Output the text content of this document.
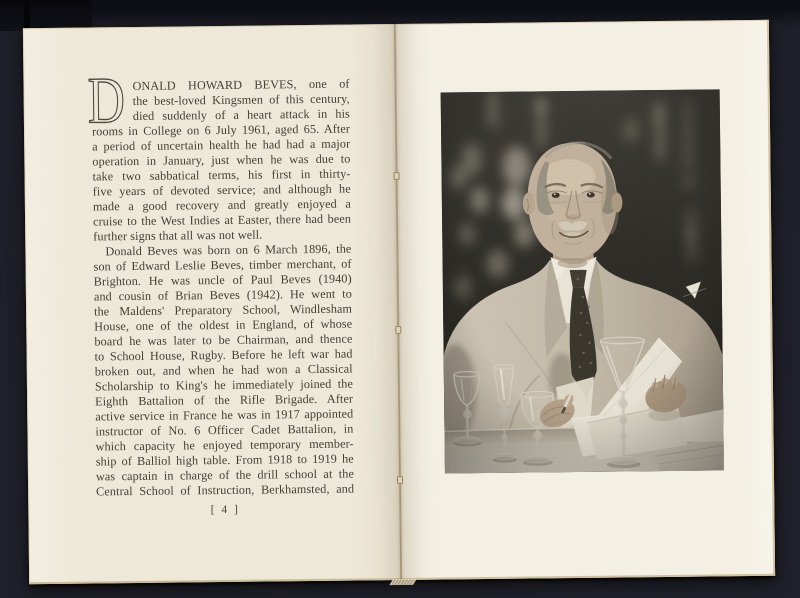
D ONALD HOWARD BEVES, one of
the best-loved Kingsmen of this century,
died suddenly of a heart attack in his
rooms in College on 6 July 1961, aged 65. After
a period of uncertain health he had had a major
operation in January, just when he was due to
take two sabbatical terms, his first in thirty-
five years of devoted service; and although he
made a good recovery and greatly enjoyed a
cruise to the West Indies at Easter, there had been
further signs that all was not well.
Donald Beves was born on 6 March 1896, the
son of Edward Leslie Beves, timber merchant, of
Brighton. He was uncle of Paul Beves (1940)
and cousin of Brian Beves (1942). He went to
the Maldens' Preparatory School, Windlesham
House, one of the oldest in England, of whose
board he was later to be Chairman, and thence
to School House, Rugby. Before he left war had
broken out, and when he had won a Classical
Scholarship to King's he immediately joined the
Eighth Battalion of the Rifle Brigade. After
active service in France he was in 1917 appointed
instructor of No. 6 Officer Cadet Battalion, in
which capacity he enjoyed temporary member-
ship of Balliol high table. From 1918 to 1919 he
was captain in charge of the drill school at the
Central School of Instruction, Berkhamsted, and
[ 4 ]
